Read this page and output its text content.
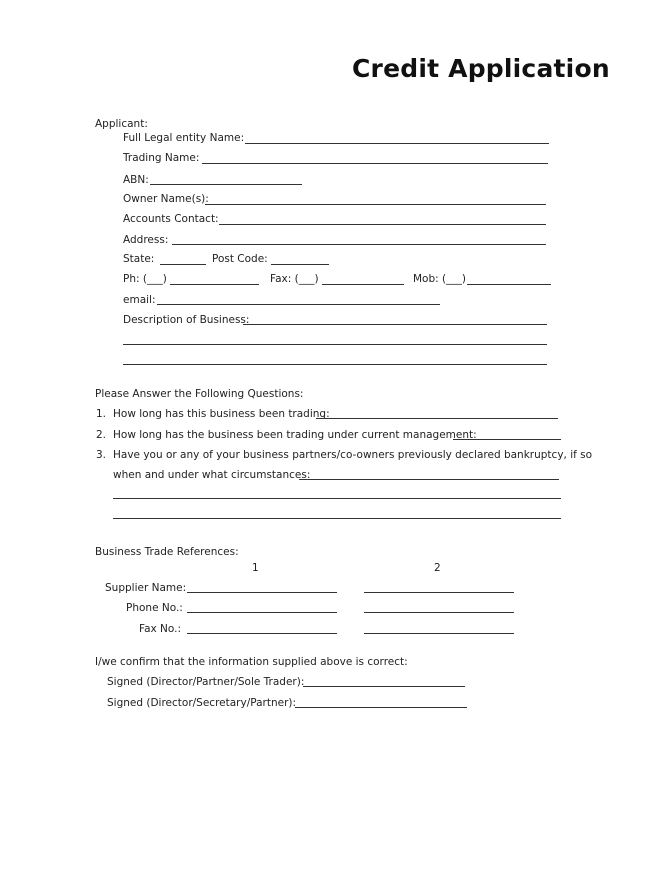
Credit Application
Applicant:
Full Legal entity Name:
Trading Name:
ABN:
Owner Name(s):
Accounts Contact:
Address:
State:	Post Code:
Ph: (___)	Fax: (___)	Mob: (___)
email:
Description of Business:
Please Answer the Following Questions:
1. How long has this business been trading:
2. How long has the business been trading under current management:
3. Have you or any of your business partners/co-owners previously declared bankruptcy, if so
when and under what circumstances:
Business Trade References:
1	2
Supplier Name:
Phone No.:
Fax No.:
I/we confirm that the information supplied above is correct:
Signed (Director/Partner/Sole Trader):
Signed (Director/Secretary/Partner):
